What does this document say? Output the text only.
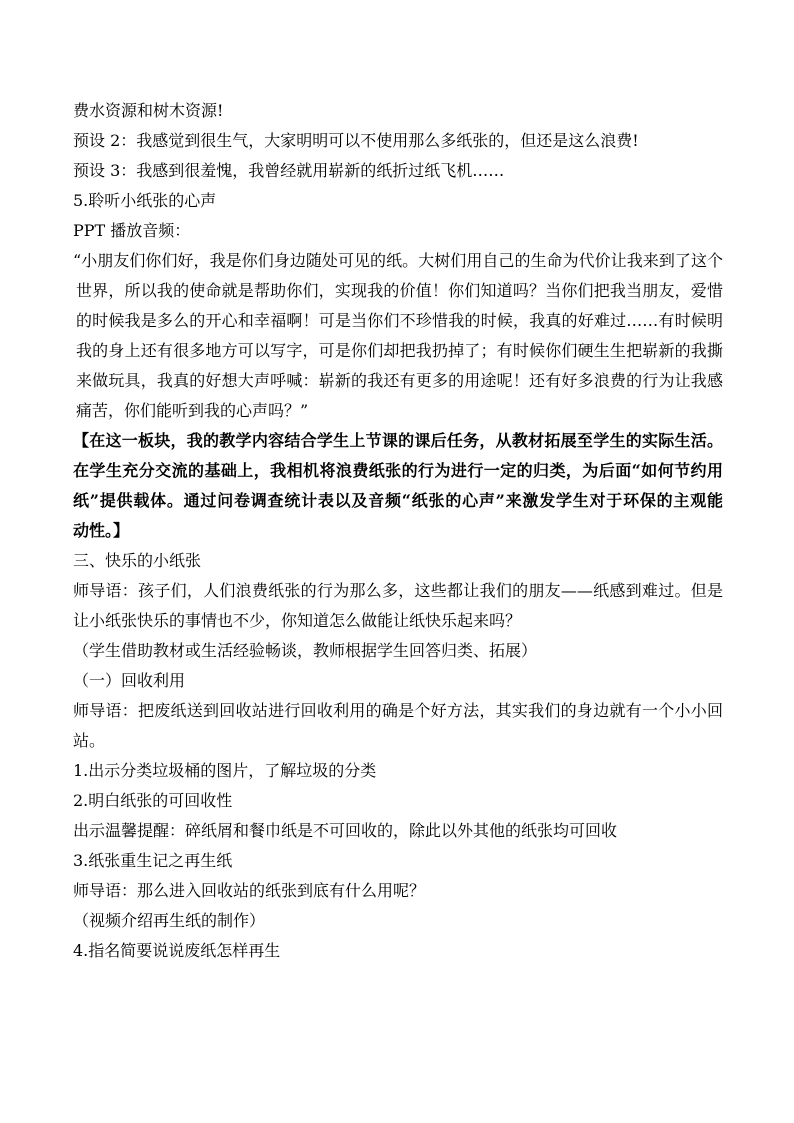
费水资源和树木资源!
预设 2：我感觉到很生气，大家明明可以不使用那么多纸张的，但还是这么浪费!
预设 3：我感到很羞愧，我曾经就用崭新的纸折过纸飞机……
5.聆听小纸张的心声
PPT 播放音频：
“小朋友们你们好，我是你们身边随处可见的纸。大树们用自己的生命为代价让我来到了这个
世界，所以我的使命就是帮助你们，实现我的价值！你们知道吗？当你们把我当朋友，爱惜
的时候我是多么的开心和幸福啊！可是当你们不珍惜我的时候，我真的好难过……有时候明
我的身上还有很多地方可以写字，可是你们却把我扔掉了；有时候你们硬生生把崭新的我撕
来做玩具，我真的好想大声呼喊：崭新的我还有更多的用途呢！还有好多浪费的行为让我感
痛苦，你们能听到我的心声吗？”
【在这一板块，我的教学内容结合学生上节课的课后任务，从教材拓展至学生的实际生活。
在学生充分交流的基础上，我相机将浪费纸张的行为进行一定的归类，为后面“如何节约用
纸”提供载体。通过问卷调查统计表以及音频“纸张的心声”来激发学生对于环保的主观能
动性。】
三、快乐的小纸张
师导语：孩子们，人们浪费纸张的行为那么多，这些都让我们的朋友——纸感到难过。但是
让小纸张快乐的事情也不少，你知道怎么做能让纸快乐起来吗？
（学生借助教材或生活经验畅谈，教师根据学生回答归类、拓展）
（一）回收利用
师导语：把废纸送到回收站进行回收利用的确是个好方法，其实我们的身边就有一个小小回
站。
1.出示分类垃圾桶的图片，了解垃圾的分类
2.明白纸张的可回收性
出示温馨提醒：碎纸屑和餐巾纸是不可回收的，除此以外其他的纸张均可回收
3.纸张重生记之再生纸
师导语：那么进入回收站的纸张到底有什么用呢？
（视频介绍再生纸的制作）
4.指名简要说说废纸怎样再生
